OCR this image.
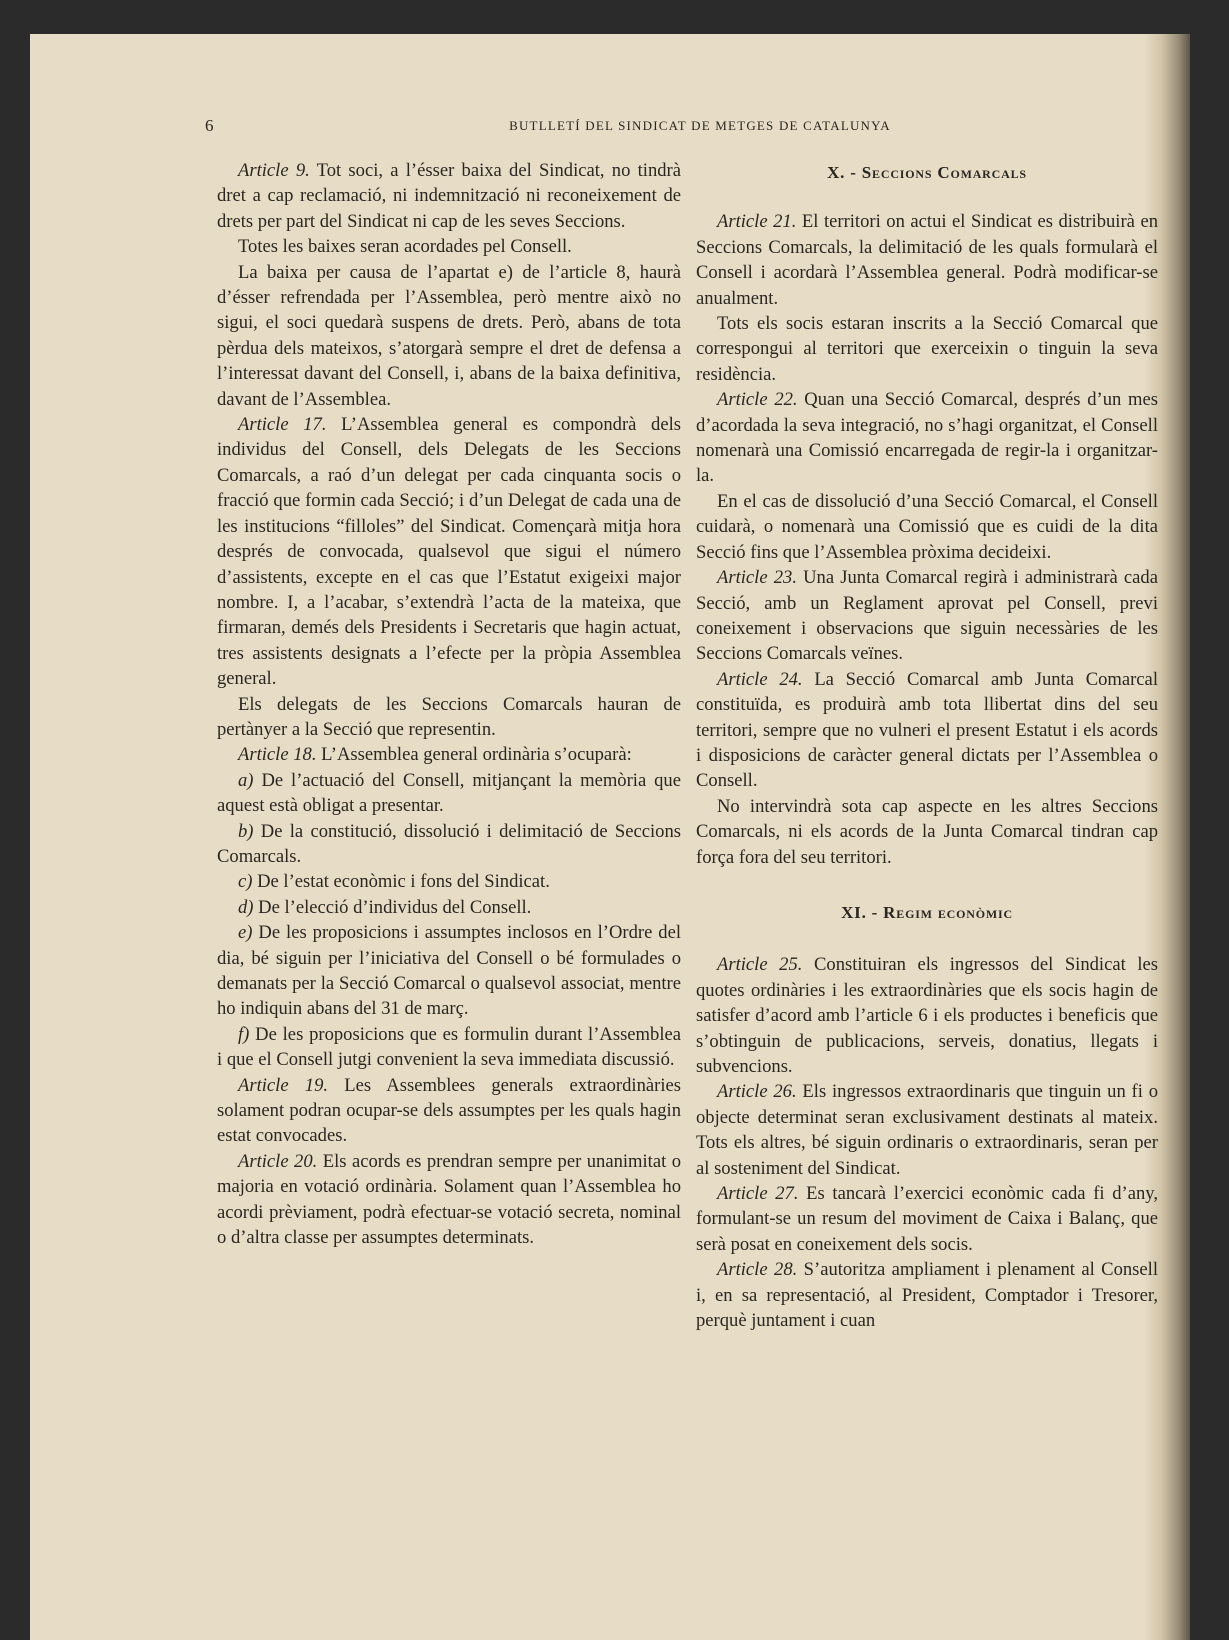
6	BUTLLETÍ DEL SINDICAT DE METGES DE CATALUNYA

Article 9. Tot soci, a l’ésser baixa del Sindicat, no tindrà dret a cap reclamació, ni indemnització ni reconeixement de drets per part del Sindicat ni cap de les seves Seccions.

Totes les baixes seran acordades pel Consell.

La baixa per causa de l’apartat e) de l’article 8, haurà d’ésser refrendada per l’Assemblea, però mentre això no sigui, el soci quedarà suspens de drets. Però, abans de tota pèrdua dels mateixos, s’atorgarà sempre el dret de defensa a l’interessat davant del Consell, i, abans de la baixa definitiva, davant de l’Assemblea.

Article 17. L’Assemblea general es compondrà dels individus del Consell, dels Delegats de les Seccions Comarcals, a raó d’un delegat per cada cinquanta socis o fracció que formin cada Secció; i d’un Delegat de cada una de les institucions “filloles” del Sindicat. Començarà mitja hora després de convocada, qualsevol que sigui el número d’assistents, excepte en el cas que l’Estatut exigeixi major nombre. I, a l’acabar, s’extendrà l’acta de la mateixa, que firmaran, demés dels Presidents i Secretaris que hagin actuat, tres assistents designats a l’efecte per la pròpia Assemblea general.

Els delegats de les Seccions Comarcals hauran de pertànyer a la Secció que representin.

Article 18. L’Assemblea general ordinària s’ocuparà:

a) De l’actuació del Consell, mitjançant la memòria que aquest està obligat a presentar.

b) De la constitució, dissolució i delimitació de Seccions Comarcals.

c) De l’estat econòmic i fons del Sindicat.

d) De l’elecció d’individus del Consell.

e) De les proposicions i assumptes inclosos en l’Ordre del dia, bé siguin per l’iniciativa del Consell o bé formulades o demanats per la Secció Comarcal o qualsevol associat, mentre ho indiquin abans del 31 de març.

f) De les proposicions que es formulin durant l’Assemblea i que el Consell jutgi convenient la seva immediata discussió.

Article 19. Les Assemblees generals extraordinàries solament podran ocupar-se dels assumptes per les quals hagin estat convocades.

Article 20. Els acords es prendran sempre per unanimitat o majoria en votació ordinària. Solament quan l’Assemblea ho acordi prèviament, podrà efectuar-se votació secreta, nominal o d’altra classe per assumptes determinats.

X. - Seccions Comarcals

Article 21. El territori on actui el Sindicat es distribuirà en Seccions Comarcals, la delimitació de les quals formularà el Consell i acordarà l’Assemblea general. Podrà modificar-se anualment.

Tots els socis estaran inscrits a la Secció Comarcal que correspongui al territori que exerceixin o tinguin la seva residència.

Article 22. Quan una Secció Comarcal, després d’un mes d’acordada la seva integració, no s’hagi organitzat, el Consell nomenarà una Comissió encarregada de regir-la i organitzar-la.

En el cas de dissolució d’una Secció Comarcal, el Consell cuidarà, o nomenarà una Comissió que es cuidi de la dita Secció fins que l’Assemblea pròxima decideixi.

Article 23. Una Junta Comarcal regirà i administrarà cada Secció, amb un Reglament aprovat pel Consell, previ coneixement i observacions que siguin necessàries de les Seccions Comarcals veïnes.

Article 24. La Secció Comarcal amb Junta Comarcal constituïda, es produirà amb tota llibertat dins del seu territori, sempre que no vulneri el present Estatut i els acords i disposicions de caràcter general dictats per l’Assemblea o Consell.

No intervindrà sota cap aspecte en les altres Seccions Comarcals, ni els acords de la Junta Comarcal tindran cap força fora del seu territori.

XI. - Regim econòmic

Article 25. Constituiran els ingressos del Sindicat les quotes ordinàries i les extraordinàries que els socis hagin de satisfer d’acord amb l’article 6 i els productes i beneficis que s’obtinguin de publicacions, serveis, donatius, llegats i subvencions.

Article 26. Els ingressos extraordinaris que tinguin un fi o objecte determinat seran exclusivament destinats al mateix. Tots els altres, bé siguin ordinaris o extraordinaris, seran per al sosteniment del Sindicat.

Article 27. Es tancarà l’exercici econòmic cada fi d’any, formulant-se un resum del moviment de Caixa i Balanç, que serà posat en coneixement dels socis.

Article 28. S’autoritza ampliament i plenament al Consell i, en sa representació, al President, Comptador i Tresorer, perquè juntament i cuan
